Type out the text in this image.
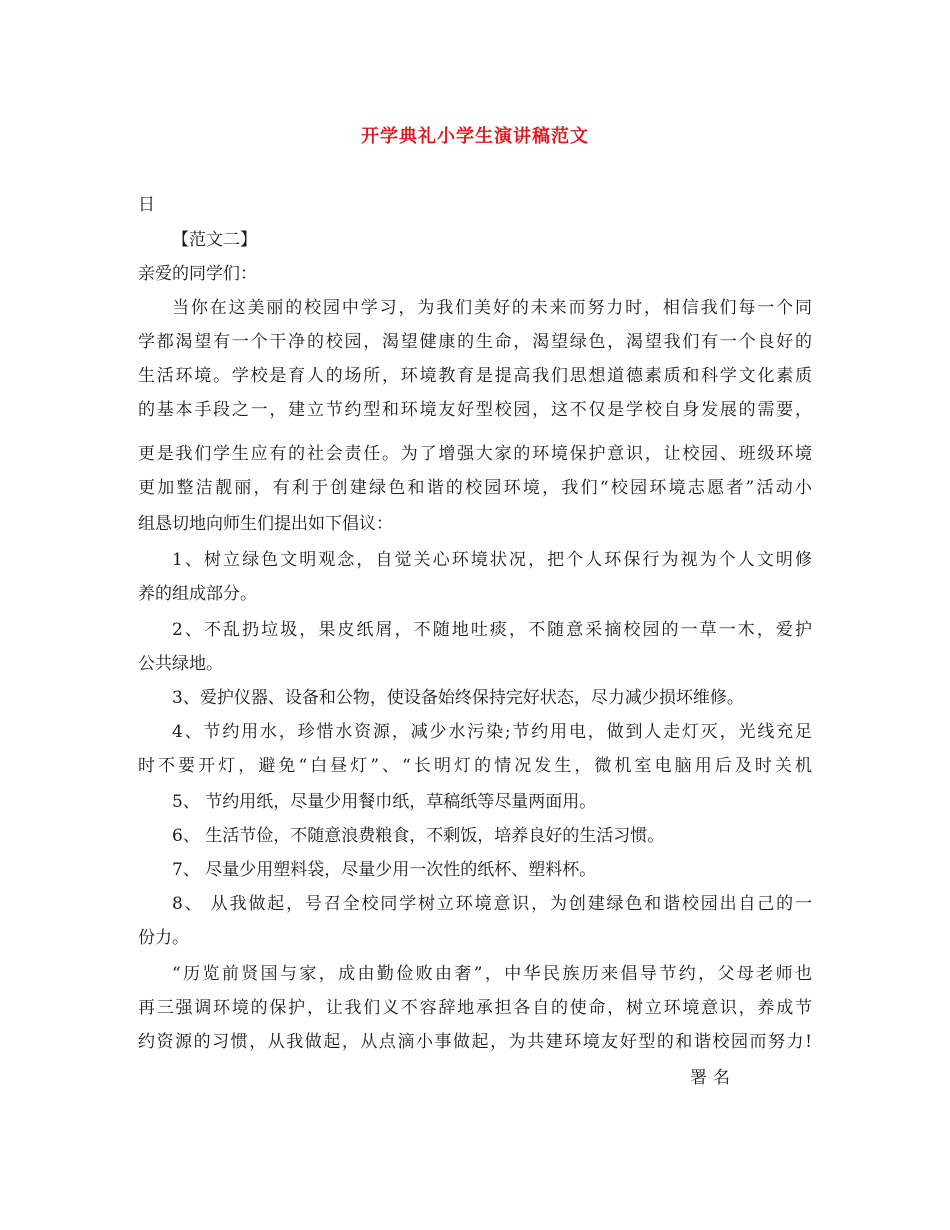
开学典礼小学生演讲稿范文
日
【范文二】
亲爱的同学们：
当你在这美丽的校园中学习，为我们美好的未来而努力时，相信我们每一个同
学都渴望有一个干净的校园，渴望健康的生命，渴望绿色，渴望我们有一个良好的
生活环境。学校是育人的场所，环境教育是提高我们思想道德素质和科学文化素质
的基本手段之一，建立节约型和环境友好型校园，这不仅是学校自身发展的需要，
更是我们学生应有的社会责任。为了增强大家的环境保护意识，让校园、班级环境
更加整洁靓丽，有利于创建绿色和谐的校园环境，我们“校园环境志愿者”活动小
组恳切地向师生们提出如下倡议：
1、树立绿色文明观念，自觉关心环境状况，把个人环保行为视为个人文明修
养的组成部分。
2、不乱扔垃圾，果皮纸屑，不随地吐痰，不随意采摘校园的一草一木，爱护
公共绿地。
3、爱护仪器、设备和公物，使设备始终保持完好状态，尽力减少损坏维修。
4、节约用水，珍惜水资源，减少水污染;节约用电，做到人走灯灭，光线充足
时不要开灯，避免“白昼灯”、“长明灯的情况发生，微机室电脑用后及时关机
5、 节约用纸，尽量少用餐巾纸，草稿纸等尽量两面用。
6、 生活节俭，不随意浪费粮食，不剩饭，培养良好的生活习惯。
7、 尽量少用塑料袋，尽量少用一次性的纸杯、塑料杯。
8、 从我做起，号召全校同学树立环境意识，为创建绿色和谐校园出自己的一
份力。
“历览前贤国与家，成由勤俭败由奢”，中华民族历来倡导节约，父母老师也
再三强调环境的保护，让我们义不容辞地承担各自的使命，树立环境意识，养成节
约资源的习惯，从我做起，从点滴小事做起，为共建环境友好型的和谐校园而努力!
署名
